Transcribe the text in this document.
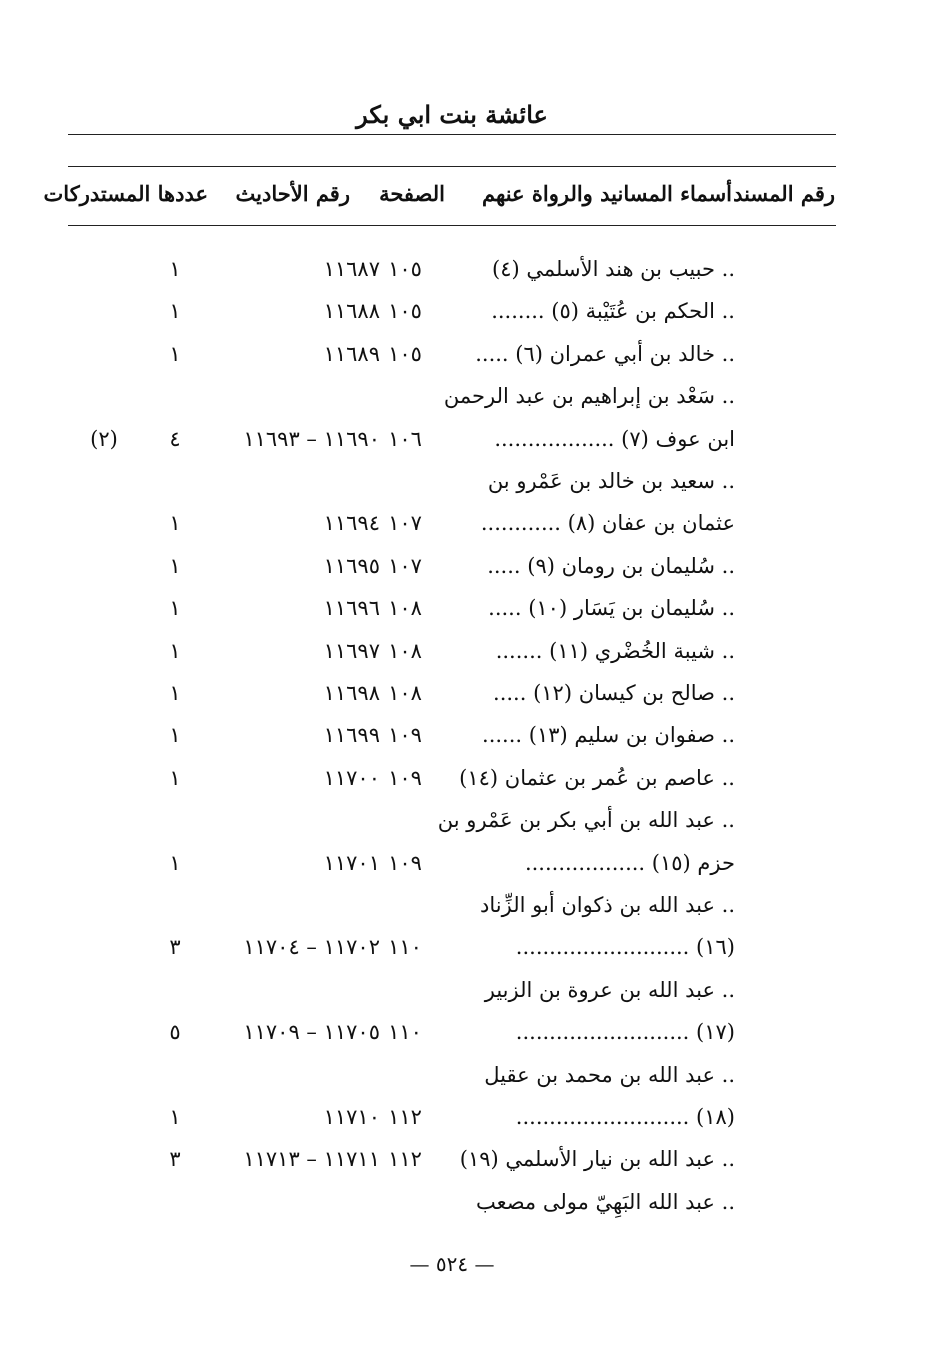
عائشة بنت ابي بكر
رقم المسند
أسماء المسانيد والرواة عنهم
الصفحة
رقم الأحاديث
عددها المستدركات
.. حبيب بن هند الأسلمي (٤)
١٠٥
١١٦٨٧
١
.. الحكم بن عُتَيْبة (٥) ........
١٠٥
١١٦٨٨
١
.. خالد بن أبي عمران (٦) .....
١٠٥
١١٦٨٩
١
.. سَعْد بن إبراهيم بن عبد الرحمن
ابن عوف (٧) ..................
١٠٦
١١٦٩٠ – ١١٦٩٣
٤
(٢)
.. سعيد بن خالد بن عَمْرو بن
عثمان بن عفان (٨) ............
١٠٧
١١٦٩٤
١
.. سُليمان بن رومان (٩) .....
١٠٧
١١٦٩٥
١
.. سُليمان بن يَسَار (١٠) .....
١٠٨
١١٦٩٦
١
.. شيبة الخُضْري (١١) .......
١٠٨
١١٦٩٧
١
.. صالح بن كيسان (١٢) .....
١٠٨
١١٦٩٨
١
.. صفوان بن سليم (١٣) ......
١٠٩
١١٦٩٩
١
.. عاصم بن عُمر بن عثمان (١٤)
١٠٩
١١٧٠٠
١
.. عبد الله بن أبي بكر بن عَمْرو بن
حزم (١٥) ..................
١٠٩
١١٧٠١
١
.. عبد الله بن ذكوان أبو الزِّناد
(١٦) ..........................
١١٠
١١٧٠٢ – ١١٧٠٤
٣
.. عبد الله بن عروة بن الزبير
(١٧) ..........................
١١٠
١١٧٠٥ – ١١٧٠٩
٥
.. عبد الله بن محمد بن عقيل
(١٨) ..........................
١١٢
١١٧١٠
١
.. عبد الله بن نيار الأسلمي (١٩)
١١٢
١١٧١١ – ١١٧١٣
٣
.. عبد الله البَهِيّ مولى مصعب
— ٥٢٤ —
